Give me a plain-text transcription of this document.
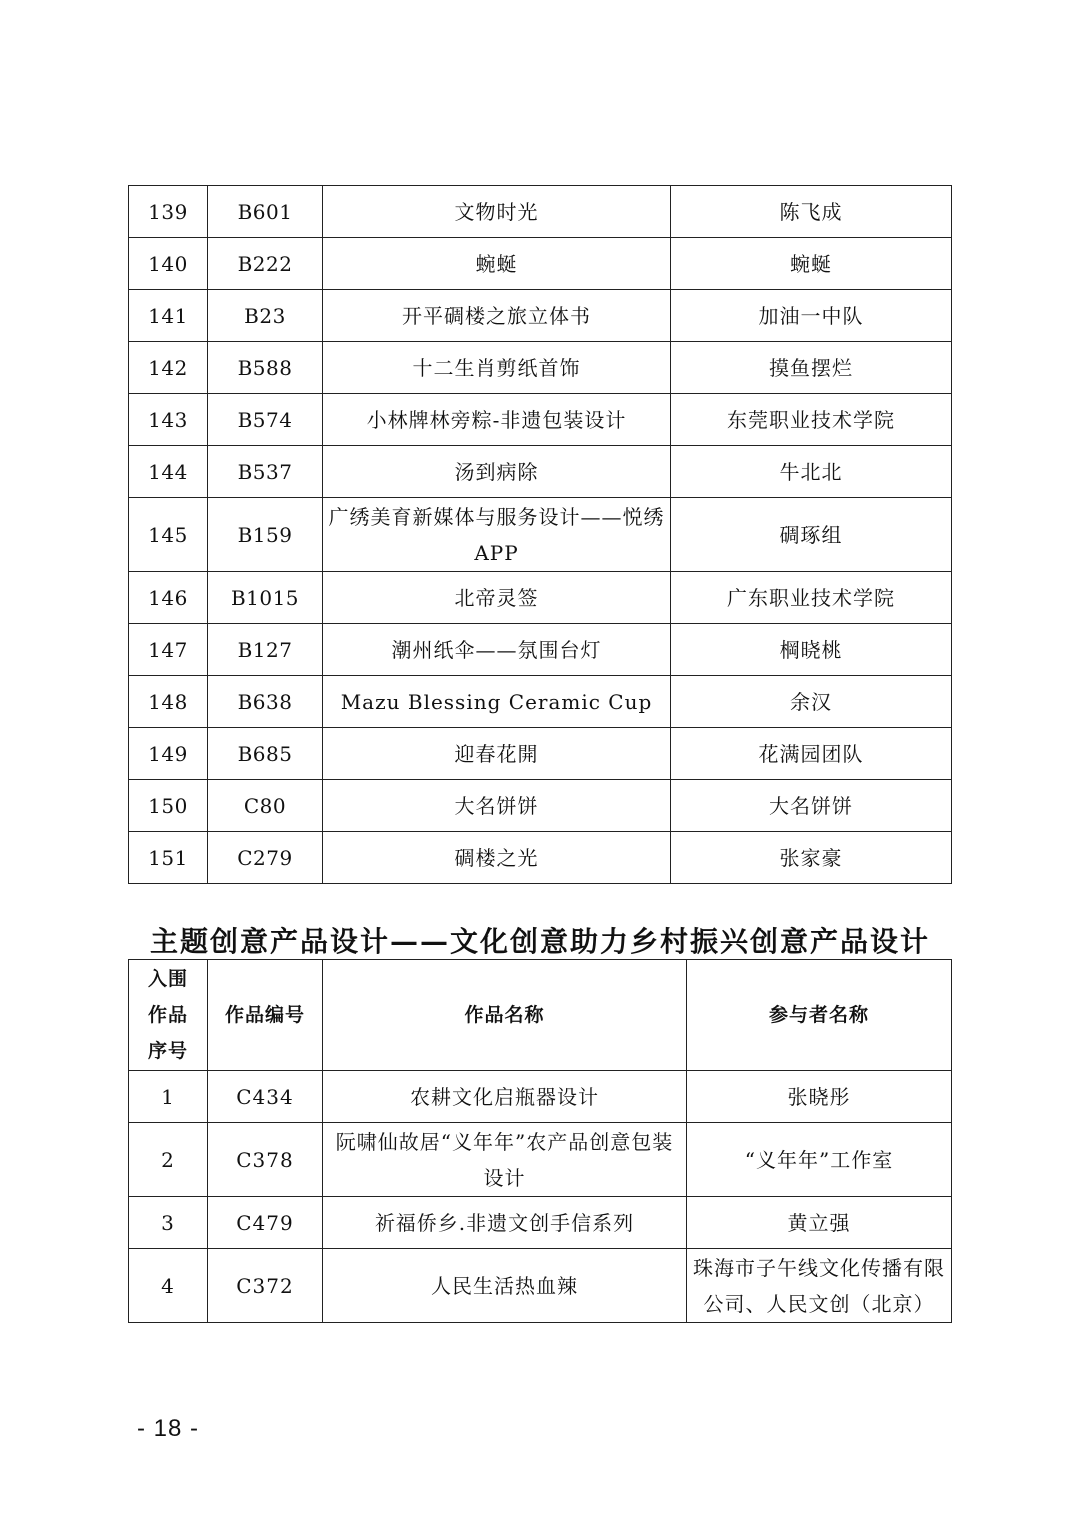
139	B601	文物时光	陈飞成
140	B222	蜿蜒	蜿蜒
141	B23	开平碉楼之旅立体书	加油一中队
142	B588	十二生肖剪纸首饰	摸鱼摆烂
143	B574	小林牌林旁粽-非遗包装设计	东莞职业技术学院
144	B537	汤到病除	牛北北
145	B159	广绣美育新媒体与服务设计——悦绣 APP	碉琢组
146	B1015	北帝灵签	广东职业技术学院
147	B127	潮州纸伞——氛围台灯	棡晓桃
148	B638	Mazu Blessing Ceramic Cup	余汉
149	B685	迎春花開	花满园团队
150	C80	大名饼饼	大名饼饼
151	C279	碉楼之光	张家豪
主题创意产品设计——文化创意助力乡村振兴创意产品设计
入围作品序号	作品编号	作品名称	参与者名称
1	C434	农耕文化启瓶器设计	张晓彤
2	C378	阮啸仙故居“义年年”农产品创意包装设计	“义年年”工作室
3	C479	祈福侨乡.非遗文创手信系列	黄立强
4	C372	人民生活热血辣	珠海市子午线文化传播有限公司、人民文创（北京）
- 18 -
